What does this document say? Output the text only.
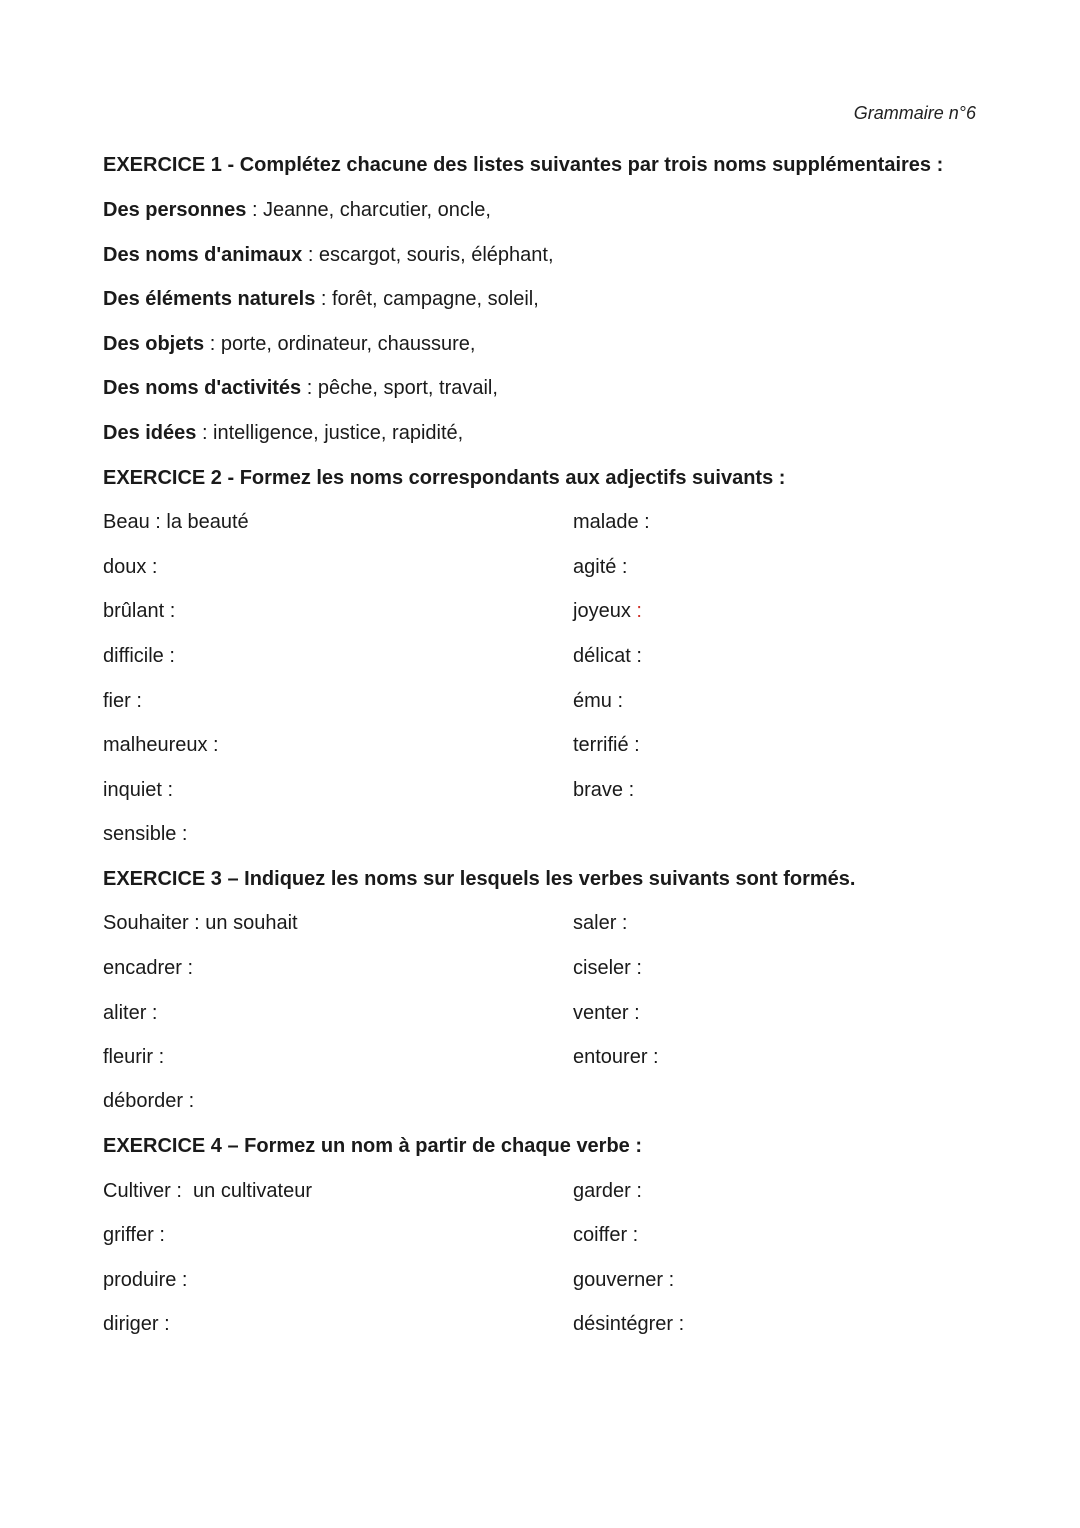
Grammaire n°6
EXERCICE 1 - Complétez chacune des listes suivantes par trois noms supplémentaires :
Des personnes : Jeanne, charcutier, oncle,
Des noms d'animaux : escargot, souris, éléphant,
Des éléments naturels : forêt, campagne, soleil,
Des objets : porte, ordinateur, chaussure,
Des noms d'activités : pêche, sport, travail,
Des idées : intelligence, justice, rapidité,
EXERCICE 2 - Formez les noms correspondants aux adjectifs suivants :
Beau : la beauté
doux :
brûlant :
difficile :
fier :
malheureux :
inquiet :
sensible :
malade :
agité :
joyeux :
délicat :
ému :
terrifié :
brave :
EXERCICE 3 – Indiquez les noms sur lesquels les verbes suivants sont formés.
Souhaiter : un souhait
encadrer :
aliter :
fleurir :
déborder :
saler :
ciseler :
venter :
entourer :
EXERCICE 4 – Formez un nom à partir de chaque verbe :
Cultiver :  un cultivateur
griffer :
produire :
diriger :
garder :
coiffer :
gouverner :
désintégrer :
